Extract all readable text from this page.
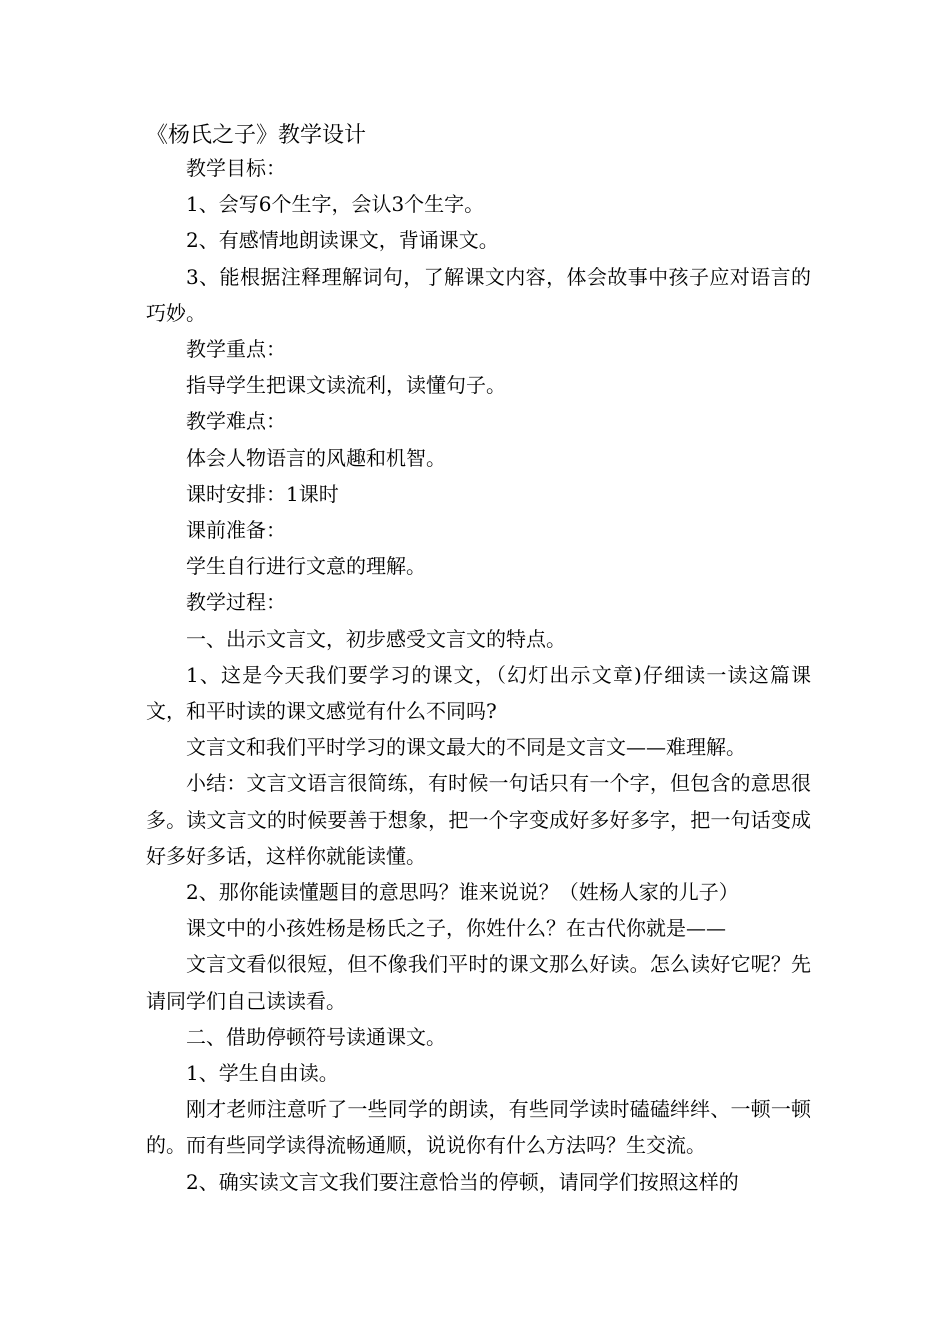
《杨氏之子》教学设计

教学目标：

1、会写6个生字，会认3个生字。

2、有感情地朗读课文，背诵课文。

3、能根据注释理解词句，了解课文内容，体会故事中孩子应对语言的巧妙。

教学重点：

指导学生把课文读流利，读懂句子。

教学难点：

体会人物语言的风趣和机智。

课时安排：1课时

课前准备：

学生自行进行文意的理解。

教学过程：

一、出示文言文，初步感受文言文的特点。

1、这是今天我们要学习的课文，（幻灯出示文章)仔细读一读这篇课文，和平时读的课文感觉有什么不同吗?

文言文和我们平时学习的课文最大的不同是文言文——难理解。

小结：文言文语言很简练，有时候一句话只有一个字，但包含的意思很多。读文言文的时候要善于想象，把一个字变成好多好多字，把一句话变成好多好多话，这样你就能读懂。

2、那你能读懂题目的意思吗？谁来说说？（姓杨人家的儿子）

课文中的小孩姓杨是杨氏之子，你姓什么？在古代你就是——

文言文看似很短，但不像我们平时的课文那么好读。怎么读好它呢？先请同学们自己读读看。

二、借助停顿符号读通课文。

1、学生自由读。

刚才老师注意听了一些同学的朗读，有些同学读时磕磕绊绊、一顿一顿的。而有些同学读得流畅通顺，说说你有什么方法吗？生交流。

2、确实读文言文我们要注意恰当的停顿，请同学们按照这样的
